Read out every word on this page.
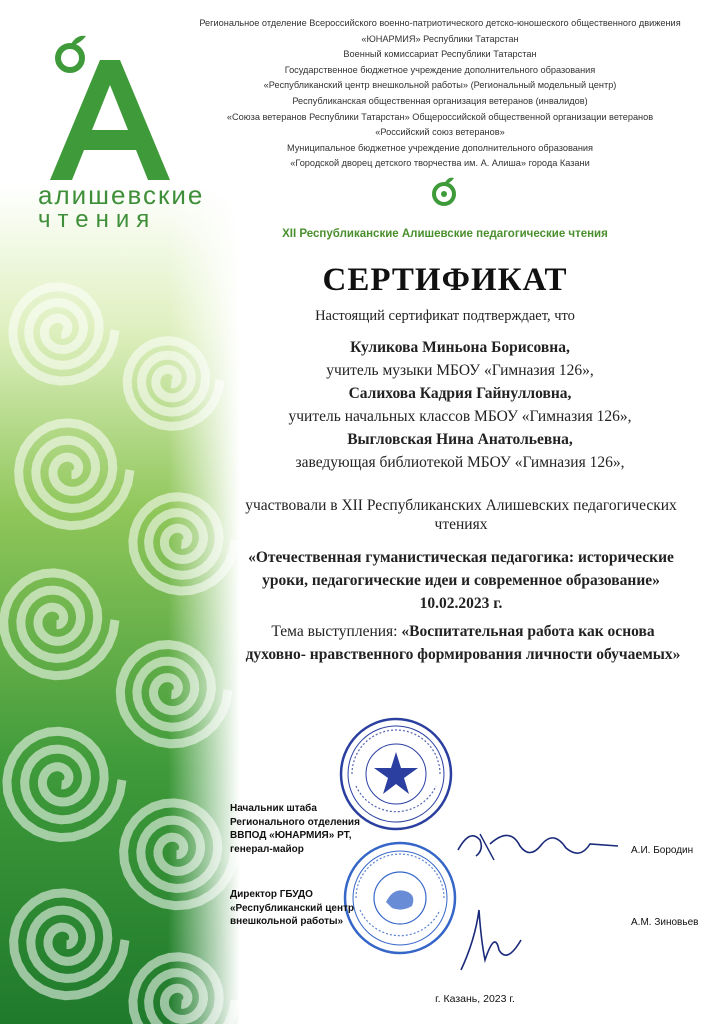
алишевские
чтения
Региональное отделение Всероссийского военно-патриотического детско-юношеского общественного движения
«ЮНАРМИЯ» Республики Татарстан
Военный комиссариат Республики Татарстан
Государственное бюджетное учреждение дополнительного образования
«Республиканский центр внешкольной работы» (Региональный модельный центр)
Республиканская общественная организация ветеранов (инвалидов)
«Союза ветеранов Республики Татарстан» Общероссийской общественной организации ветеранов
«Российский союз ветеранов»
Муниципальное бюджетное учреждение дополнительного образования
«Городской дворец детского творчества им. А. Алиша» города Казани
XII Республиканские Алишевские педагогические чтения
СЕРТИФИКАТ
Настоящий сертификат подтверждает, что
Куликова Миньона Борисовна,
учитель музыки МБОУ «Гимназия 126»,
Салихова Кадрия Гайнулловна,
учитель начальных классов МБОУ «Гимназия 126»,
Выгловская Нина Анатольевна,
заведующая библиотекой МБОУ «Гимназия 126»,
участвовали в XII Республиканских Алишевских педагогических
чтениях
«Отечественная гуманистическая педагогика: исторические
уроки, педагогические идеи и современное образование»
10.02.2023 г.
Тема выступления: «Воспитательная работа как основа
духовно- нравственного формирования личности обучаемых»
Начальник штаба
Регионального отделения
ВВПОД «ЮНАРМИЯ» РТ,
генерал-майор	А.И. Бородин
Директор ГБУДО
«Республиканский центр
внешкольной работы»	А.М. Зиновьев
г. Казань, 2023 г.
